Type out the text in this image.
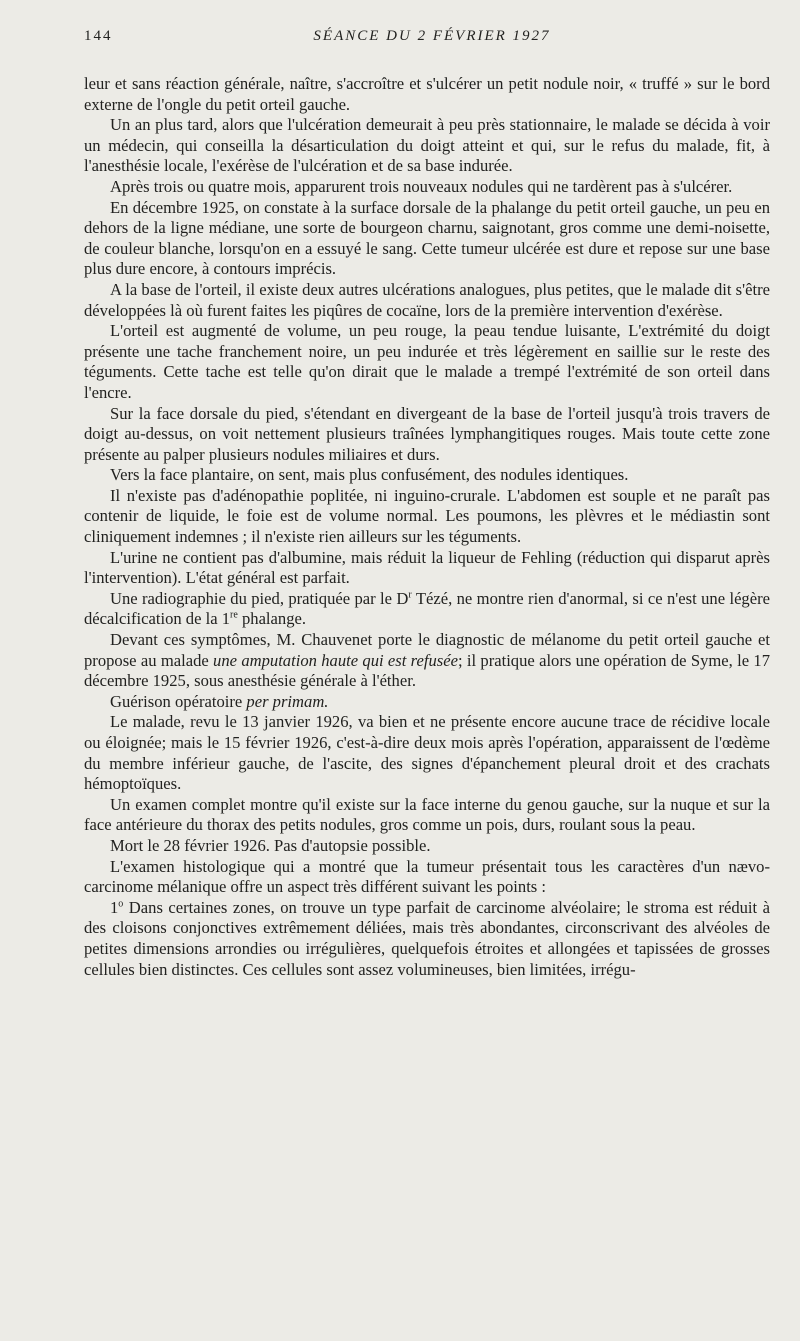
144	SÉANCE DU 2 FÉVRIER 1927

leur et sans réaction générale, naître, s'accroître et s'ulcérer un petit nodule noir, « truffé » sur le bord externe de l'ongle du petit orteil gauche.

Un an plus tard, alors que l'ulcération demeurait à peu près stationnaire, le malade se décida à voir un médecin, qui conseilla la désarticulation du doigt atteint et qui, sur le refus du malade, fit, à l'anesthésie locale, l'exérèse de l'ulcération et de sa base indurée.

Après trois ou quatre mois, apparurent trois nouveaux nodules qui ne tardèrent pas à s'ulcérer.

En décembre 1925, on constate à la surface dorsale de la phalange du petit orteil gauche, un peu en dehors de la ligne médiane, une sorte de bourgeon charnu, saignotant, gros comme une demi-noisette, de couleur blanche, lorsqu'on en a essuyé le sang. Cette tumeur ulcérée est dure et repose sur une base plus dure encore, à contours imprécis.

A la base de l'orteil, il existe deux autres ulcérations analogues, plus petites, que le malade dit s'être développées là où furent faites les piqûres de cocaïne, lors de la première intervention d'exérèse.

L'orteil est augmenté de volume, un peu rouge, la peau tendue luisante, L'extrémité du doigt présente une tache franchement noire, un peu indurée et très légèrement en saillie sur le reste des téguments. Cette tache est telle qu'on dirait que le malade a trempé l'extrémité de son orteil dans l'encre.

Sur la face dorsale du pied, s'étendant en divergeant de la base de l'orteil jusqu'à trois travers de doigt au-dessus, on voit nettement plusieurs traînées lymphangitiques rouges. Mais toute cette zone présente au palper plusieurs nodules miliaires et durs.

Vers la face plantaire, on sent, mais plus confusément, des nodules identiques.

Il n'existe pas d'adénopathie poplitée, ni inguino-crurale. L'abdomen est souple et ne paraît pas contenir de liquide, le foie est de volume normal. Les poumons, les plèvres et le médiastin sont cliniquement indemnes ; il n'existe rien ailleurs sur les téguments.

L'urine ne contient pas d'albumine, mais réduit la liqueur de Fehling (réduction qui disparut après l'intervention). L'état général est parfait.

Une radiographie du pied, pratiquée par le $D^r$ Tézé, ne montre rien d'anormal, si ce n'est une légère décalcification de la 1re phalange.

Devant ces symptômes, M. Chauvenet porte le diagnostic de mélanome du petit orteil gauche et propose au malade une amputation haute qui est refusée; il pratique alors une opération de Syme, le 17 décembre 1925, sous anesthésie générale à l'éther.

Guérison opératoire per primam.

Le malade, revu le 13 janvier 1926, va bien et ne présente encore aucune trace de récidive locale ou éloignée; mais le 15 février 1926, c'est-à-dire deux mois après l'opération, apparaissent de l'œdème du membre inférieur gauche, de l'ascite, des signes d'épanchement pleural droit et des crachats hémoptoïques.

Un examen complet montre qu'il existe sur la face interne du genou gauche, sur la nuque et sur la face antérieure du thorax des petits nodules, gros comme un pois, durs, roulant sous la peau.

Mort le 28 février 1926. Pas d'autopsie possible.

L'examen histologique qui a montré que la tumeur présentait tous les caractères d'un nævo-carcinome mélanique offre un aspect très différent suivant les points :

1$^o$ Dans certaines zones, on trouve un type parfait de carcinome alvéolaire; le stroma est réduit à des cloisons conjonctives extrêmement déliées, mais très abondantes, circonscrivant des alvéoles de petites dimensions arrondies ou irrégulières, quelquefois étroites et allongées et tapissées de grosses cellules bien distinctes. Ces cellules sont assez volumineuses, bien limitées, irrégu-
